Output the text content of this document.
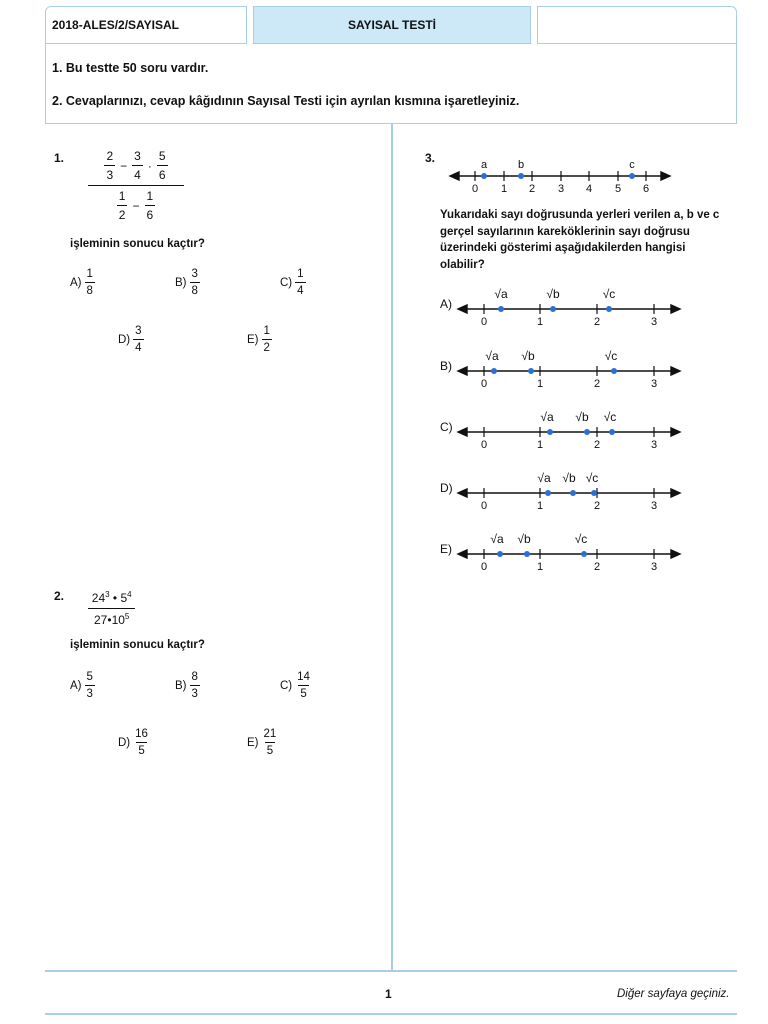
2018-ALES/2/SAYISAL	SAYISAL TESTİ
1. Bu testte 50 soru vardır.
2. Cevaplarınızı, cevap kâğıdının Sayısal Testi için ayrılan kısmına işaretleyiniz.
1.	$\frac{2}{3} - \frac{3}{4} \cdot \frac{5}{6}$
$\frac{1}{2} - \frac{1}{6}$
işleminin sonucu kaçtır?
$A) \frac{1}{8}$	$B) \frac{3}{8}$	$C) \frac{1}{4}$
$D) \frac{3}{4}$	$E) \frac{1}{2}$
2. $24^3$ • $5^4$
$27•10^5$
işleminin sonucu kaçtır?
$A) \frac{5}{3}$	$B) \frac{8}{3}$	$C) \frac{14}{5}$
$D) \frac{16}{5}$	$E) \frac{21}{5}$
3.
0 1 2 3 4 5 6
a	b	c
Yukarıdaki sayı doğrusunda yerleri verilen a, b ve c gerçel sayılarının kareköklerinin sayı doğrusu üzerindeki gösterimi aşağıdakilerden hangisi olabilir?
A)
0	1	2	3
√a	√b	√c
B)
0	1	2	3
√a √b	√c
C)
0	1	2	3
√a √b √c
D)
0	1	2	3
√a √b √c
E)
0	1	2	3
√a √b	√c
1	Diğer sayfaya geçiniz.
